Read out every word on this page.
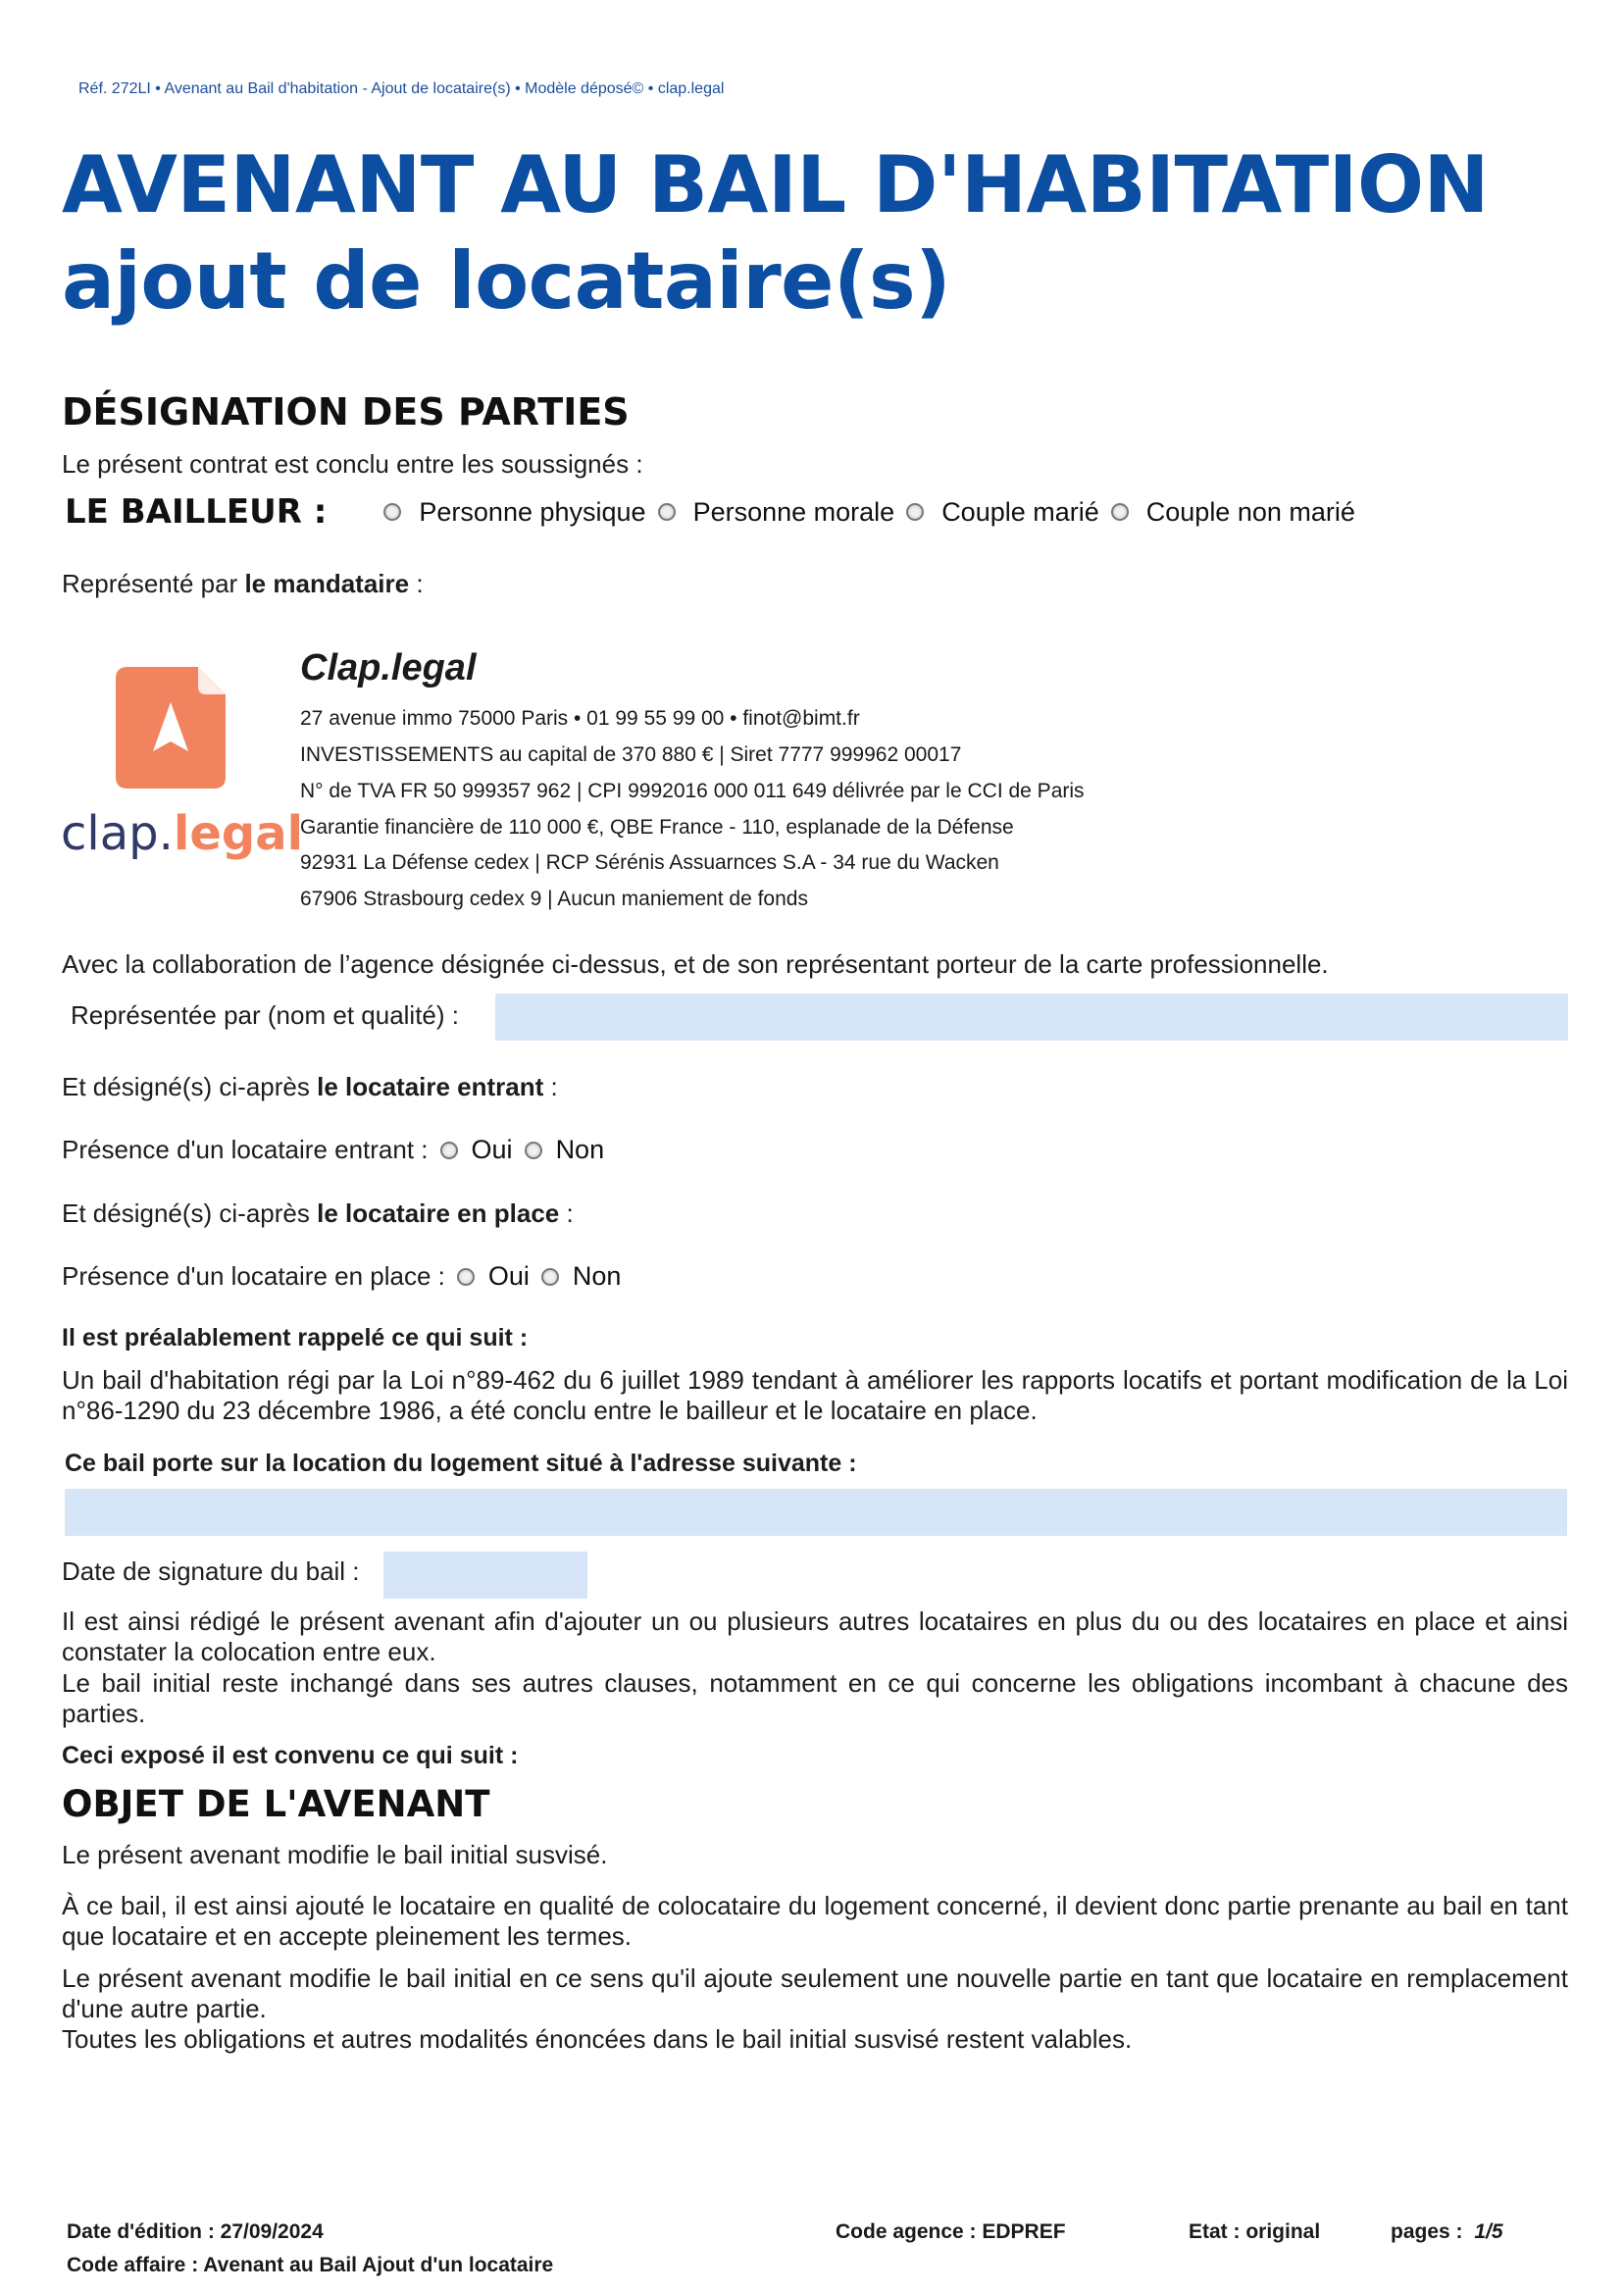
Réf. 272LI • Avenant au Bail d'habitation - Ajout de locataire(s) • Modèle déposé© • clap.legal
AVENANT AU BAIL D'HABITATION ajout de locataire(s)
DÉSIGNATION DES PARTIES
Le présent contrat est conclu entre les soussignés :
LE BAILLEUR :	Personne physique Personne morale Couple marié Couple non marié
Représenté par le mandataire :
clap.legal
Clap.legal
27 avenue immo 75000 Paris • 01 99 55 99 00 • finot@bimt.fr
INVESTISSEMENTS au capital de 370 880 € | Siret 7777 999962 00017
N° de TVA FR 50 999357 962 | CPI 9992016 000 011 649 délivrée par le CCI de Paris
Garantie financière de 110 000 €, QBE France - 110, esplanade de la Défense
92931 La Défense cedex | RCP Sérénis Assuarnces S.A - 34 rue du Wacken
67906 Strasbourg cedex 9 | Aucun maniement de fonds
Avec la collaboration de l’agence désignée ci-dessus, et de son représentant porteur de la carte professionnelle.
Représentée par (nom et qualité) :
Et désigné(s) ci-après le locataire entrant :
Présence d'un locataire entrant : Oui Non
Et désigné(s) ci-après le locataire en place :
Présence d'un locataire en place : Oui Non
Il est préalablement rappelé ce qui suit :
Un bail d'habitation régi par la Loi n°89-462 du 6 juillet 1989 tendant à améliorer les rapports locatifs et portant modification de la Loi n°86-1290 du 23 décembre 1986, a été conclu entre le bailleur et le locataire en place.
Ce bail porte sur la location du logement situé à l'adresse suivante :
Date de signature du bail :
Il est ainsi rédigé le présent avenant afin d'ajouter un ou plusieurs autres locataires en plus du ou des locataires en place et ainsi constater la colocation entre eux.
Le bail initial reste inchangé dans ses autres clauses, notamment en ce qui concerne les obligations incombant à chacune des parties.
Ceci exposé il est convenu ce qui suit :
OBJET DE L'AVENANT
Le présent avenant modifie le bail initial susvisé.
À ce bail, il est ainsi ajouté le locataire en qualité de colocataire du logement concerné, il devient donc partie prenante au bail en tant que locataire et en accepte pleinement les termes.
Le présent avenant modifie le bail initial en ce sens qu'il ajoute seulement une nouvelle partie en tant que locataire en remplacement d'une autre partie.
Toutes les obligations et autres modalités énoncées dans le bail initial susvisé restent valables.
Date d'édition : 27/09/2024
Code affaire : Avenant au Bail Ajout d'un locataire
Code agence : EDPREF	Etat : original	pages : 1/5
